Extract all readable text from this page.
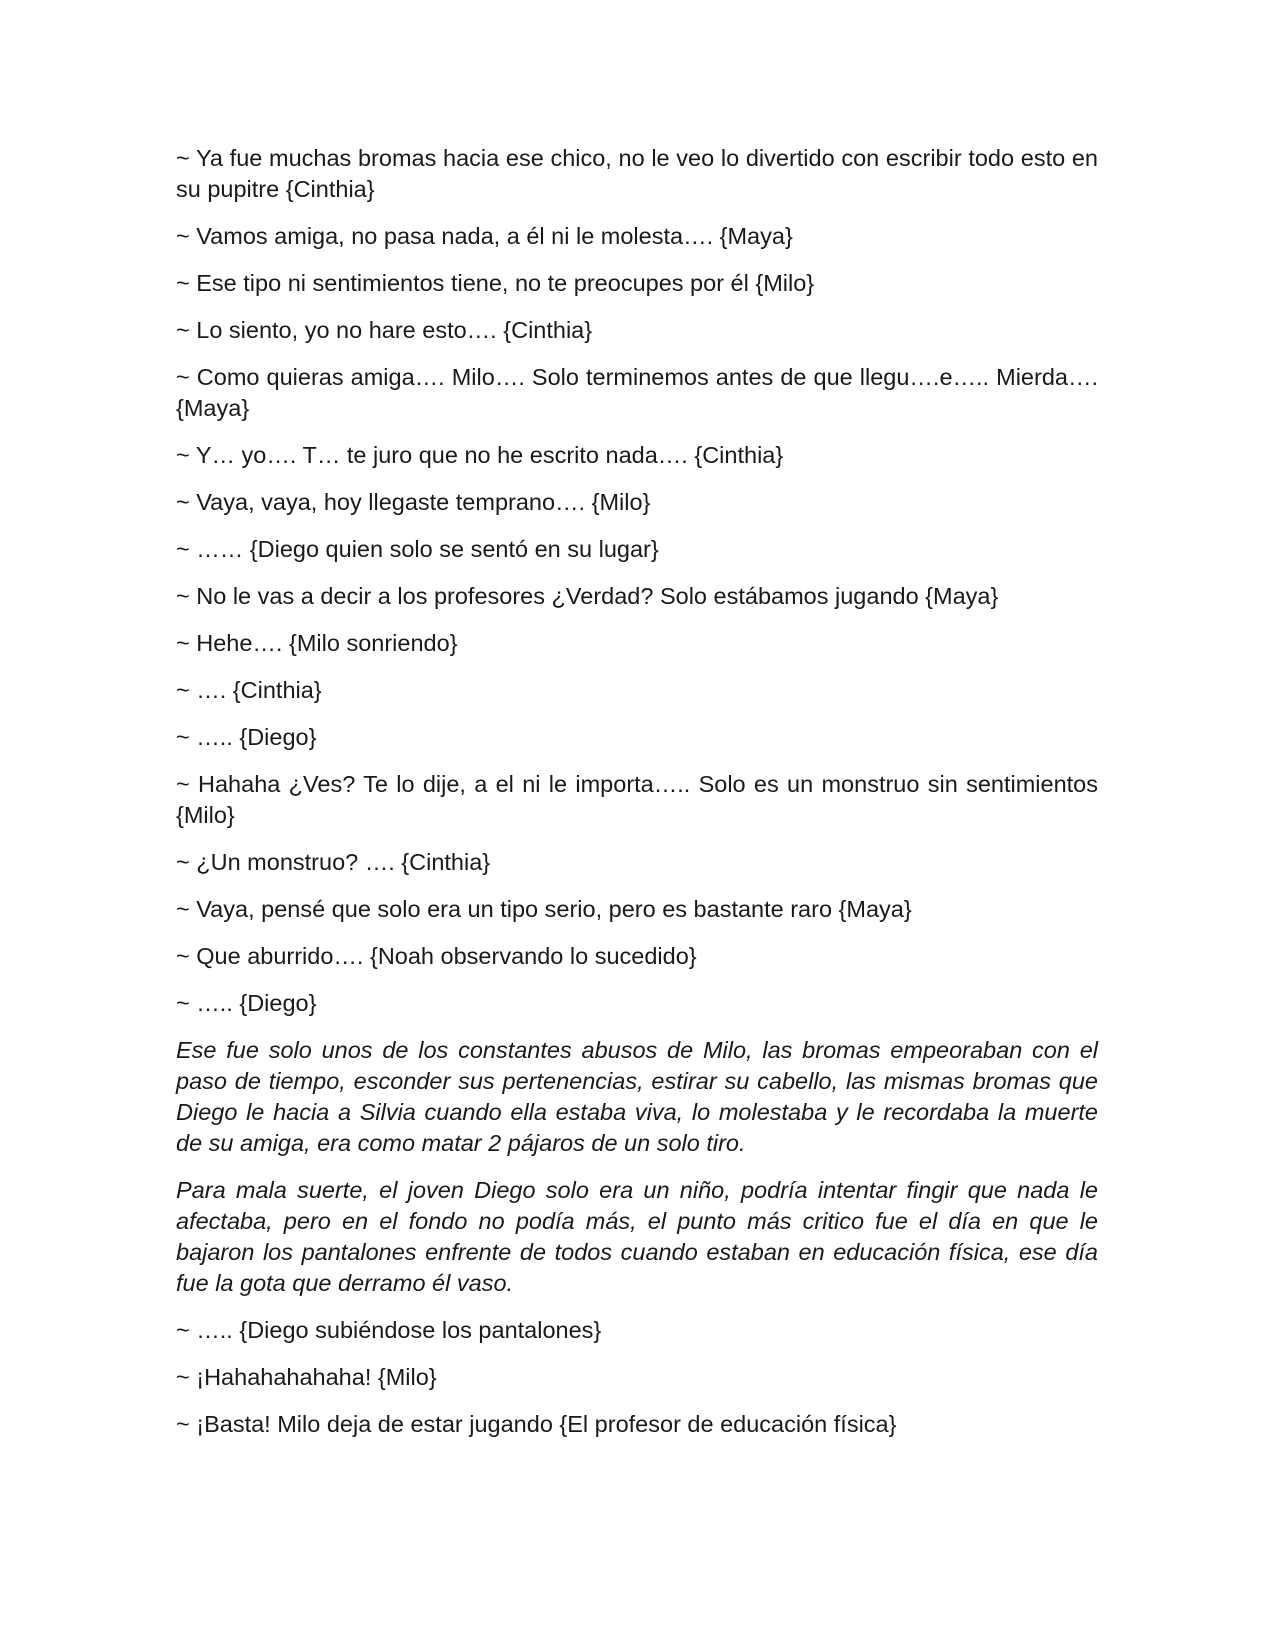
~ Ya fue muchas bromas hacia ese chico, no le veo lo divertido con escribir todo esto en su pupitre {Cinthia}

~ Vamos amiga, no pasa nada, a él ni le molesta…. {Maya}

~ Ese tipo ni sentimientos tiene, no te preocupes por él {Milo}

~ Lo siento, yo no hare esto…. {Cinthia}

~ Como quieras amiga…. Milo…. Solo terminemos antes de que llegu….e….. Mierda…. {Maya}

~ Y… yo…. T… te juro que no he escrito nada…. {Cinthia}

~ Vaya, vaya, hoy llegaste temprano…. {Milo}

~ …… {Diego quien solo se sentó en su lugar}

~ No le vas a decir a los profesores ¿Verdad? Solo estábamos jugando {Maya}

~ Hehe…. {Milo sonriendo}

~ …. {Cinthia}

~ ….. {Diego}

~ Hahaha ¿Ves? Te lo dije, a el ni le importa….. Solo es un monstruo sin sentimientos {Milo}

~ ¿Un monstruo? …. {Cinthia}

~ Vaya, pensé que solo era un tipo serio, pero es bastante raro {Maya}

~ Que aburrido…. {Noah observando lo sucedido}

~ ….. {Diego}

Ese fue solo unos de los constantes abusos de Milo, las bromas empeoraban con el paso de tiempo, esconder sus pertenencias, estirar su cabello, las mismas bromas que Diego le hacia a Silvia cuando ella estaba viva, lo molestaba y le recordaba la muerte de su amiga, era como matar 2 pájaros de un solo tiro.

Para mala suerte, el joven Diego solo era un niño, podría intentar fingir que nada le afectaba, pero en el fondo no podía más, el punto más critico fue el día en que le bajaron los pantalones enfrente de todos cuando estaban en educación física, ese día fue la gota que derramo él vaso.

~ ….. {Diego subiéndose los pantalones}

~ ¡Hahahahahaha! {Milo}

~ ¡Basta! Milo deja de estar jugando {El profesor de educación física}
